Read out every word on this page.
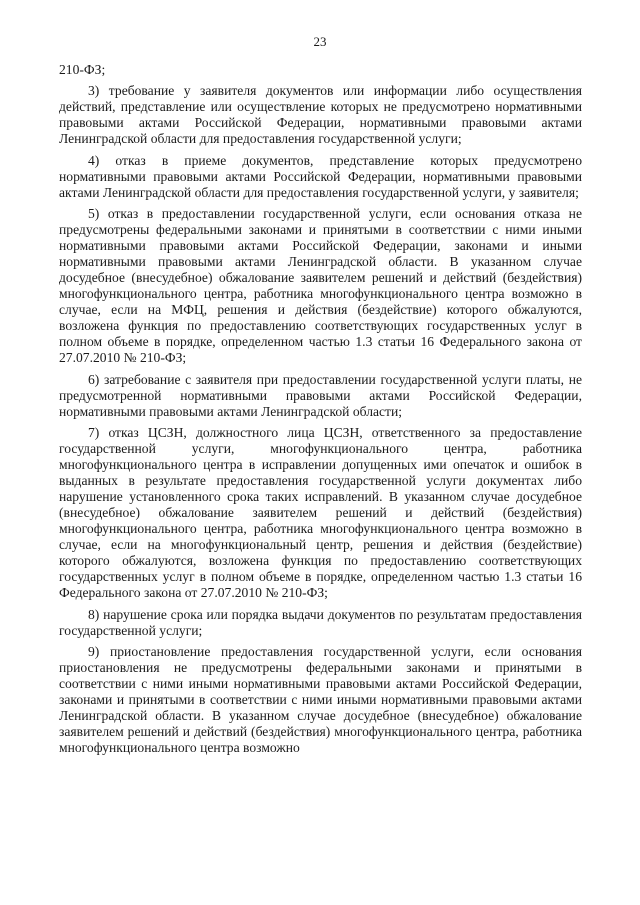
23

210-ФЗ;

3) требование у заявителя документов или информации либо осуществления действий, представление или осуществление которых не предусмотрено нормативными правовыми актами Российской Федерации, нормативными правовыми актами Ленинградской области для предоставления государственной услуги;

4) отказ в приеме документов, представление которых предусмотрено нормативными правовыми актами Российской Федерации, нормативными правовыми актами Ленинградской области для предоставления государственной услуги, у заявителя;

5) отказ в предоставлении государственной услуги, если основания отказа не предусмотрены федеральными законами и принятыми в соответствии с ними иными нормативными правовыми актами Российской Федерации, законами и иными нормативными правовыми актами Ленинградской области. В указанном случае досудебное (внесудебное) обжалование заявителем решений и действий (бездействия) многофункционального центра, работника многофункционального центра возможно в случае, если на МФЦ, решения и действия (бездействие) которого обжалуются, возложена функция по предоставлению соответствующих государственных услуг в полном объеме в порядке, определенном частью 1.3 статьи 16 Федерального закона от 27.07.2010 № 210-ФЗ;

6) затребование с заявителя при предоставлении государственной услуги платы, не предусмотренной нормативными правовыми актами Российской Федерации, нормативными правовыми актами Ленинградской области;

7) отказ ЦСЗН, должностного лица ЦСЗН, ответственного за предоставление государственной услуги, многофункционального центра, работника многофункционального центра в исправлении допущенных ими опечаток и ошибок в выданных в результате предоставления государственной услуги документах либо нарушение установленного срока таких исправлений. В указанном случае досудебное (внесудебное) обжалование заявителем решений и действий (бездействия) многофункционального центра, работника многофункционального центра возможно в случае, если на многофункциональный центр, решения и действия (бездействие) которого обжалуются, возложена функция по предоставлению соответствующих государственных услуг в полном объеме в порядке, определенном частью 1.3 статьи 16 Федерального закона от 27.07.2010 № 210-ФЗ;

8) нарушение срока или порядка выдачи документов по результатам предоставления государственной услуги;

9) приостановление предоставления государственной услуги, если основания приостановления не предусмотрены федеральными законами и принятыми в соответствии с ними иными нормативными правовыми актами Российской Федерации, законами и принятыми в соответствии с ними иными нормативными правовыми актами Ленинградской области. В указанном случае досудебное (внесудебное) обжалование заявителем решений и действий (бездействия) многофункционального центра, работника многофункционального центра возможно
